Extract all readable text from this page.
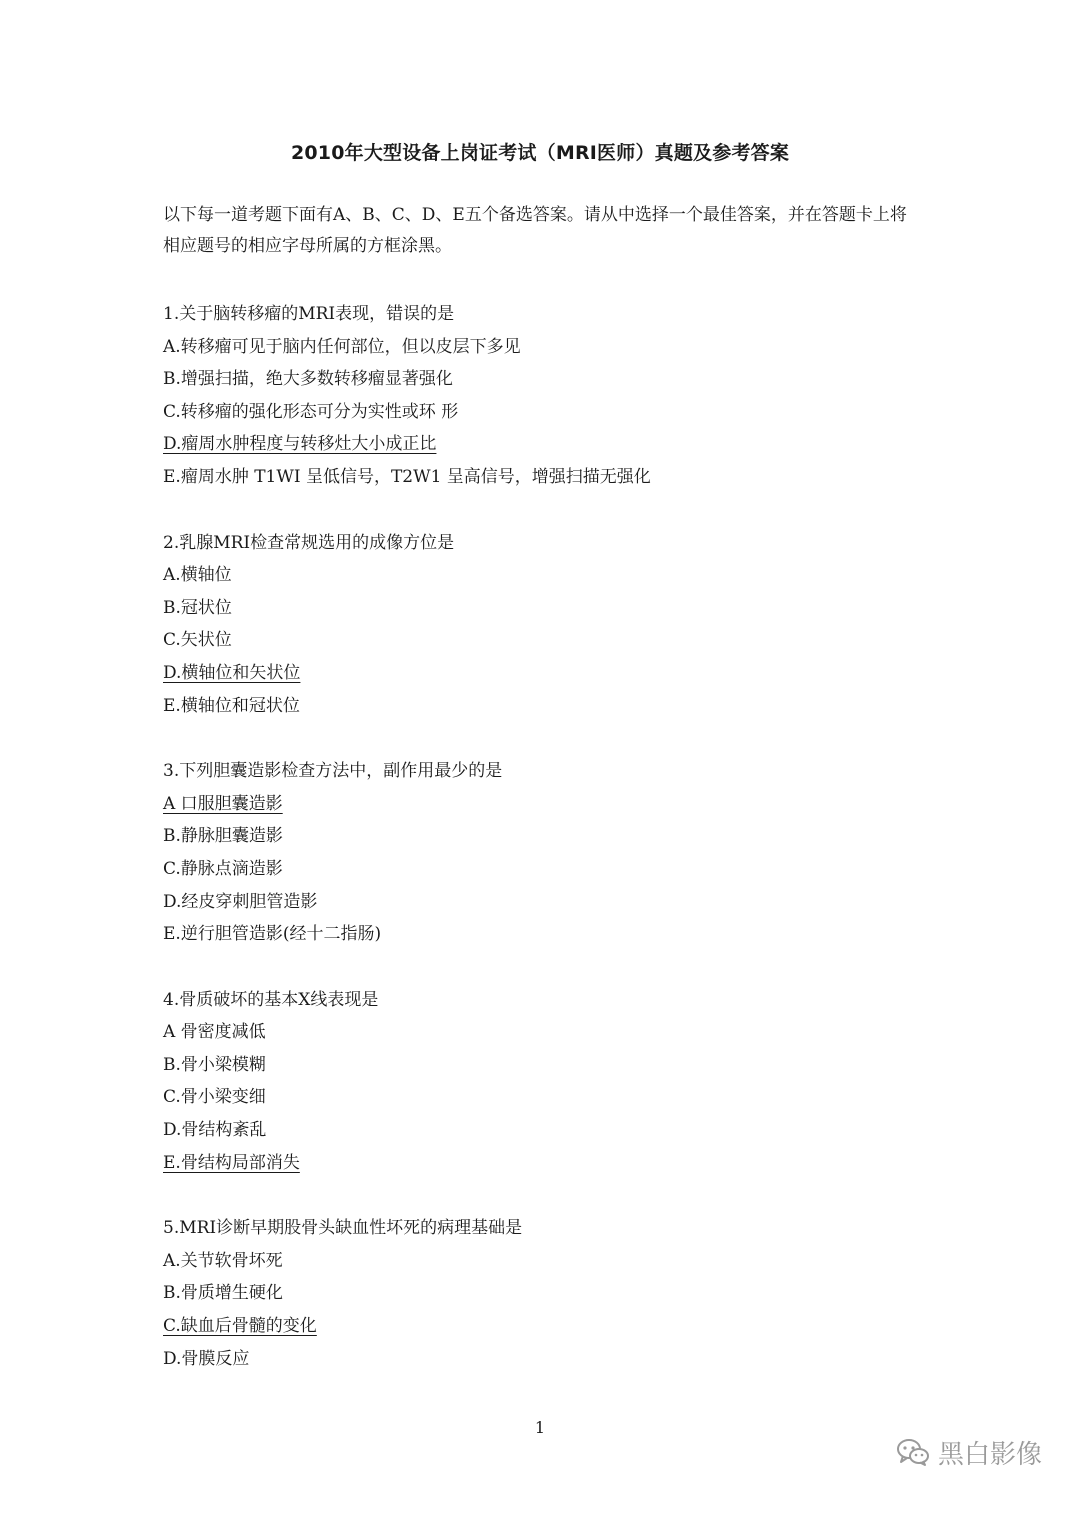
2010年大型设备上岗证考试（MRI医师）真题及参考答案
以下每一道考题下面有A、B、C、D、E五个备选答案。请从中选择一个最佳答案，并在答题卡上将相应题号的相应字母所属的方框涂黑。
1.关于脑转移瘤的MRI表现，错误的是
A.转移瘤可见于脑内任何部位，但以皮层下多见
B.增强扫描，绝大多数转移瘤显著强化
C.转移瘤的强化形态可分为实性或环 形
D.瘤周水肿程度与转移灶大小成正比
E.瘤周水肿 T1WI 呈低信号，T2W1 呈高信号，增强扫描无强化
2.乳腺MRI检查常规选用的成像方位是
A.横轴位
B.冠状位
C.矢状位
D.横轴位和矢状位
E.横轴位和冠状位
3.下列胆囊造影检查方法中，副作用最少的是
A 口服胆囊造影
B.静脉胆囊造影
C.静脉点滴造影
D.经皮穿刺胆管造影
E.逆行胆管造影(经十二指肠)
4.骨质破坏的基本X线表现是
A 骨密度减低
B.骨小梁模糊
C.骨小梁变细
D.骨结构紊乱
E.骨结构局部消失
5.MRI诊断早期股骨头缺血性坏死的病理基础是
A.关节软骨坏死
B.骨质增生硬化
C.缺血后骨髓的变化
D.骨膜反应
1
黑白影像
